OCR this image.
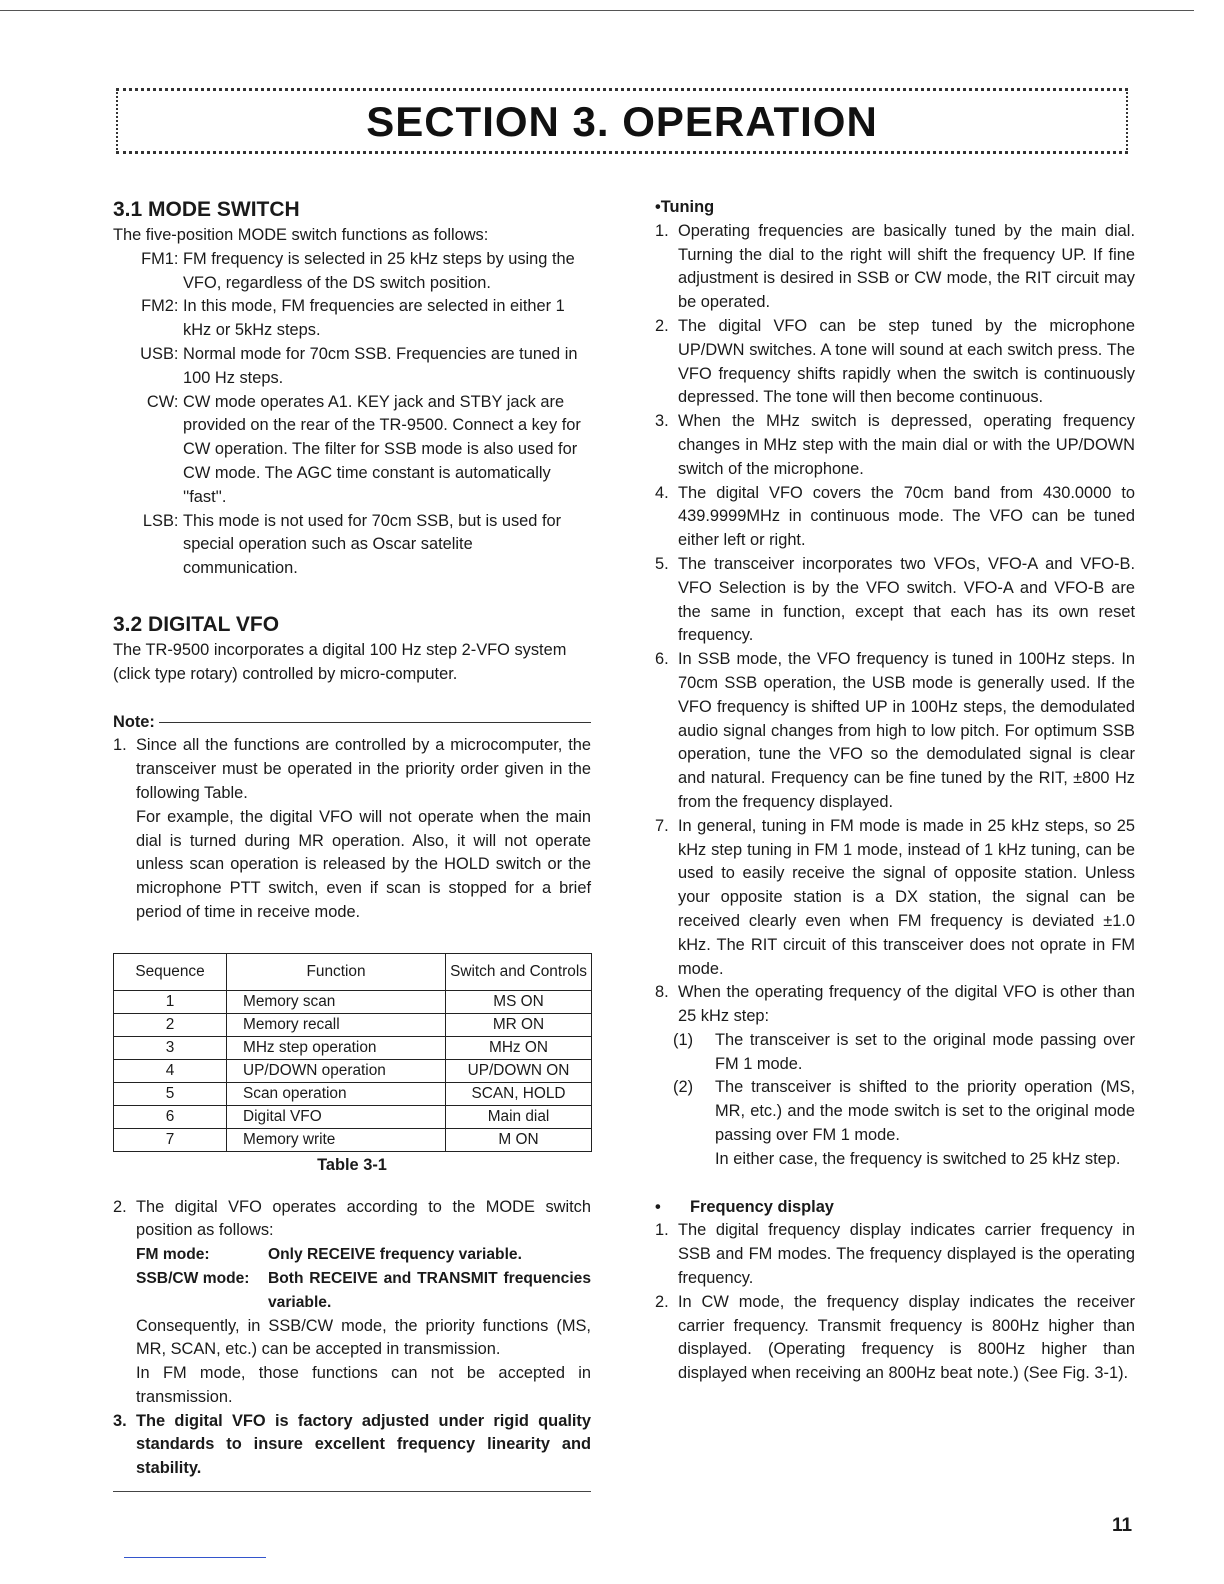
SECTION 3. OPERATION
3.1 MODE SWITCH

The five-position MODE switch functions as follows:

FM1: FM frequency is selected in 25 kHz steps by using the VFO, regardless of the DS switch position.
FM2: In this mode, FM frequencies are selected in either 1 kHz or 5kHz steps.
USB: Normal mode for 70cm SSB. Frequencies are tuned in 100 Hz steps.
CW: CW mode operates A1. KEY jack and STBY jack are provided on the rear of the TR-9500. Connect a key for CW operation. The filter for SSB mode is also used for CW mode. The AGC time constant is automatically ''fast''.
LSB: This mode is not used for 70cm SSB, but is used for special operation such as Oscar satelite communication.
3.2 DIGITAL VFO

The TR-9500 incorporates a digital 100 Hz step 2-VFO system (click type rotary) controlled by micro-computer.

Note:
1. Since all the functions are controlled by a microcomputer, the transceiver must be operated in the priority order given in the following Table.

For example, the digital VFO will not operate when the main dial is turned during MR operation. Also, it will not operate unless scan operation is released by the HOLD switch or the microphone PTT switch, even if scan is stopped for a brief period of time in receive mode.

Sequence	Function	Switch and Controls
1	Memory scan	MS ON
2	Memory recall	MR ON
3	MHz step operation	MHz ON
4	UP/DOWN operation	UP/DOWN ON
5	Scan operation	SCAN, HOLD
6	Digital VFO	Main dial
7	Memory write	M ON
Table 3-1
2. The digital VFO operates according to the MODE switch position as follows:

FM mode:	Only RECEIVE frequency variable.
SSB/CW mode:	Both RECEIVE and TRANSMIT frequencies variable.

Consequently, in SSB/CW mode, the priority functions (MS, MR, SCAN, etc.) can be accepted in transmission.

In FM mode, those functions can not be accepted in transmission.

3. The digital VFO is factory adjusted under rigid quality standards to insure excellent frequency linearity and stability.
•Tuning
1. Operating frequencies are basically tuned by the main dial. Turning the dial to the right will shift the frequency UP. If fine adjustment is desired in SSB or CW mode, the RIT circuit may be operated.
2. The digital VFO can be step tuned by the microphone UP/DWN switches. A tone will sound at each switch press. The VFO frequency shifts rapidly when the switch is continuously depressed. The tone will then become continuous.
3. When the MHz switch is depressed, operating frequency changes in MHz step with the main dial or with the UP/DOWN switch of the microphone.
4. The digital VFO covers the 70cm band from 430.0000 to 439.9999MHz in continuous mode. The VFO can be tuned either left or right.
5. The transceiver incorporates two VFOs, VFO-A and VFO-B. VFO Selection is by the VFO switch. VFO-A and VFO-B are the same in function, except that each has its own reset frequency.
6. In SSB mode, the VFO frequency is tuned in 100Hz steps. In 70cm SSB operation, the USB mode is generally used. If the VFO frequency is shifted UP in 100Hz steps, the demodulated audio signal changes from high to low pitch. For optimum SSB operation, tune the VFO so the demodulated signal is clear and natural. Frequency can be fine tuned by the RIT, ±800 Hz from the frequency displayed.
7. In general, tuning in FM mode is made in 25 kHz steps, so 25 kHz step tuning in FM 1 mode, instead of 1 kHz tuning, can be used to easily receive the signal of opposite station. Unless your opposite station is a DX station, the signal can be received clearly even when FM frequency is deviated ±1.0 kHz. The RIT circuit of this transceiver does not oprate in FM mode.
8. When the operating frequency of the digital VFO is other than 25 kHz step:
(1)	The transceiver is set to the original mode passing over FM 1 mode.
(2)	The transceiver is shifted to the priority operation (MS, MR, etc.) and the mode switch is set to the original mode passing over FM 1 mode.

In either case, the frequency is switched to 25 kHz step.

•	Frequency display
1. The digital frequency display indicates carrier frequency in SSB and FM modes. The frequency displayed is the operating frequency.
2. In CW mode, the frequency display indicates the receiver carrier frequency. Transmit frequency is 800Hz higher than displayed. (Operating frequency is 800Hz higher than displayed when receiving an 800Hz beat note.) (See Fig. 3-1).
11
